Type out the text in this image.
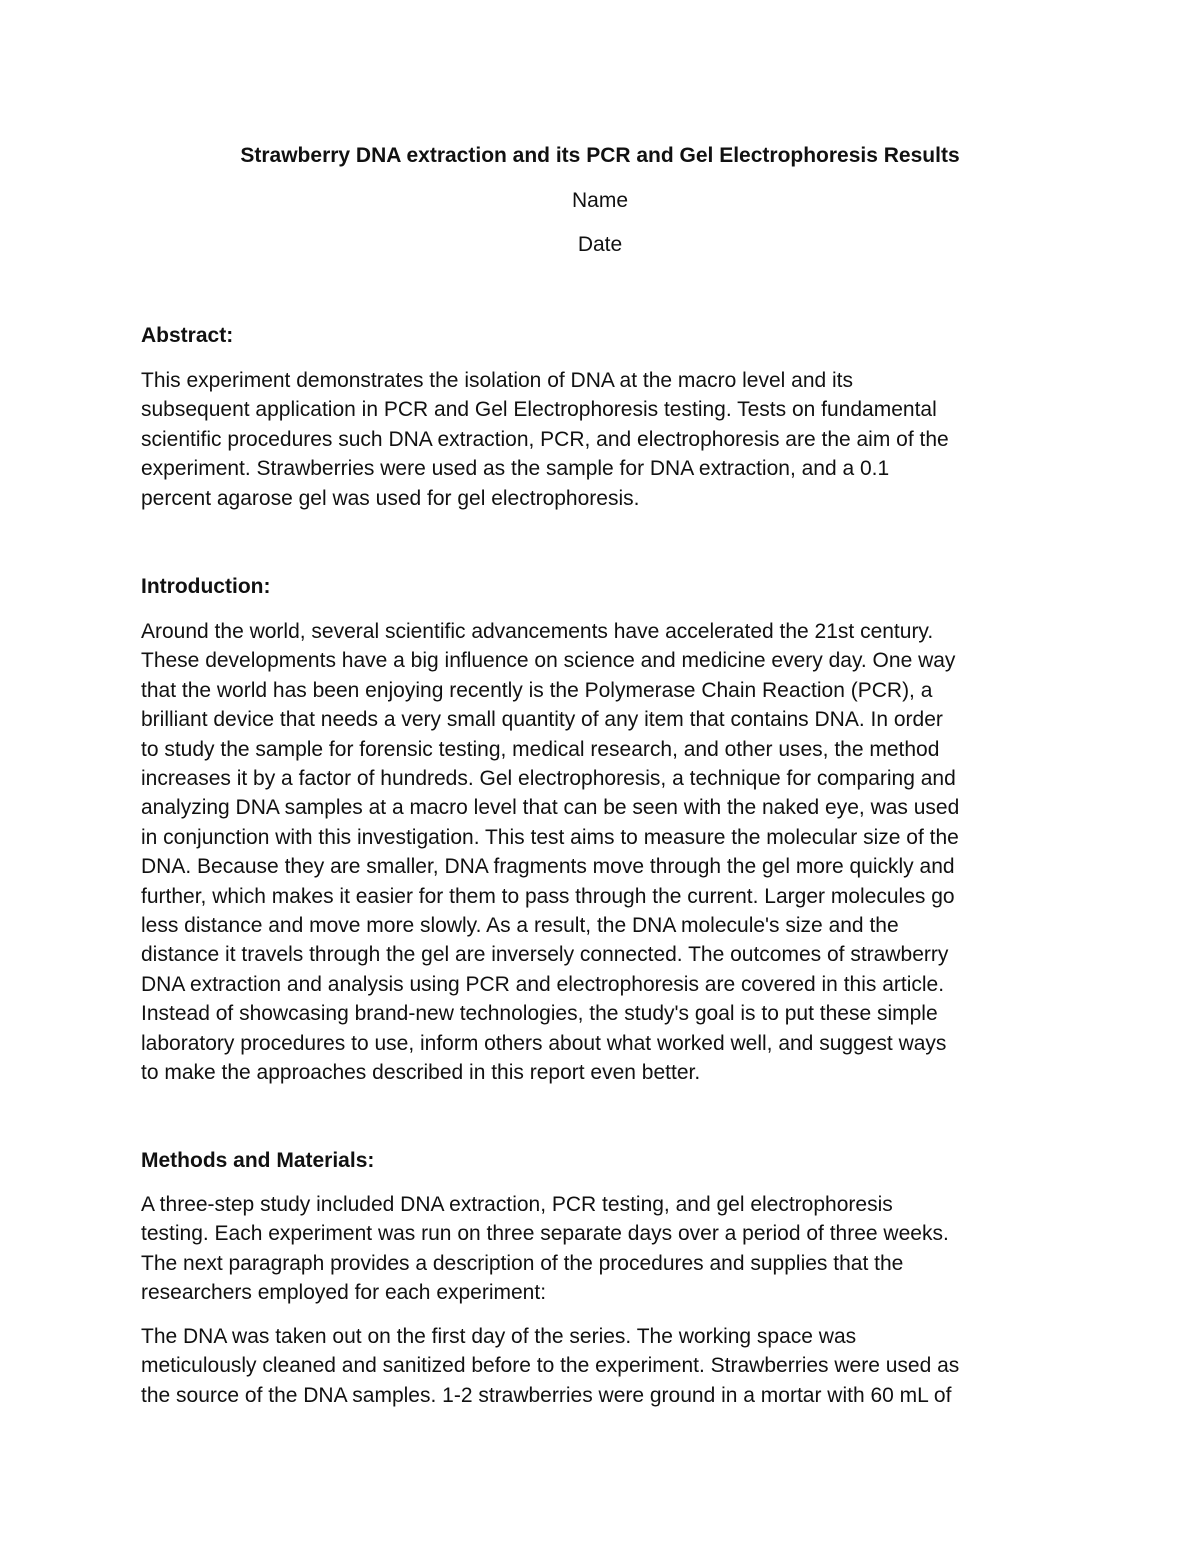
Strawberry DNA extraction and its PCR and Gel Electrophoresis Results
Name
Date
Abstract:

This experiment demonstrates the isolation of DNA at the macro level and its
subsequent application in PCR and Gel Electrophoresis testing. Tests on fundamental
scientific procedures such DNA extraction, PCR, and electrophoresis are the aim of the
experiment. Strawberries were used as the sample for DNA extraction, and a 0.1
percent agarose gel was used for gel electrophoresis.

Introduction:

Around the world, several scientific advancements have accelerated the 21st century.
These developments have a big influence on science and medicine every day. One way
that the world has been enjoying recently is the Polymerase Chain Reaction (PCR), a
brilliant device that needs a very small quantity of any item that contains DNA. In order
to study the sample for forensic testing, medical research, and other uses, the method
increases it by a factor of hundreds. Gel electrophoresis, a technique for comparing and
analyzing DNA samples at a macro level that can be seen with the naked eye, was used
in conjunction with this investigation. This test aims to measure the molecular size of the
DNA. Because they are smaller, DNA fragments move through the gel more quickly and
further, which makes it easier for them to pass through the current. Larger molecules go
less distance and move more slowly. As a result, the DNA molecule's size and the
distance it travels through the gel are inversely connected. The outcomes of strawberry
DNA extraction and analysis using PCR and electrophoresis are covered in this article.
Instead of showcasing brand-new technologies, the study's goal is to put these simple
laboratory procedures to use, inform others about what worked well, and suggest ways
to make the approaches described in this report even better.

Methods and Materials:

A three-step study included DNA extraction, PCR testing, and gel electrophoresis
testing. Each experiment was run on three separate days over a period of three weeks.
The next paragraph provides a description of the procedures and supplies that the
researchers employed for each experiment:

The DNA was taken out on the first day of the series. The working space was
meticulously cleaned and sanitized before to the experiment. Strawberries were used as
the source of the DNA samples. 1-2 strawberries were ground in a mortar with 60 mL of
